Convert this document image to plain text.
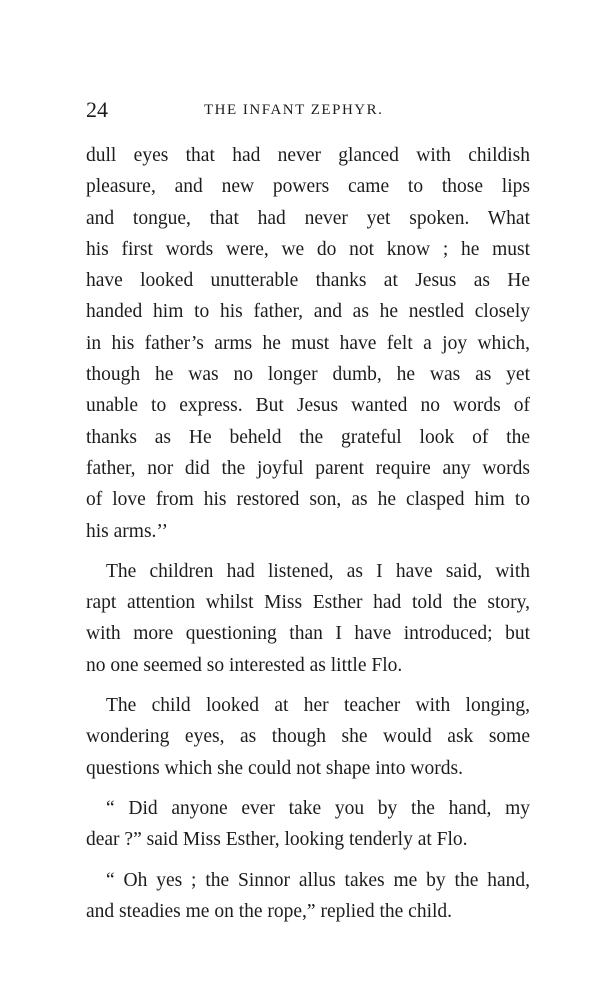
24	THE INFANT ZEPHYR.
dull eyes that had never glanced with childish
pleasure, and new powers came to those lips
and tongue, that had never yet spoken. What
his first words were, we do not know ; he must
have looked unutterable thanks at Jesus as He
handed him to his father, and as he nestled closely
in his father’s arms he must have felt a joy which,
though he was no longer dumb, he was as yet
unable to express. But Jesus wanted no words of
thanks as He beheld the grateful look of the
father, nor did the joyful parent require any words
of love from his restored son, as he clasped him to
his arms.’’
The children had listened, as I have said, with
rapt attention whilst Miss Esther had told the story,
with more questioning than I have introduced; but
no one seemed so interested as little Flo.
The child looked at her teacher with longing,
wondering eyes, as though she would ask some
questions which she could not shape into words.
“ Did anyone ever take you by the hand, my
dear ?” said Miss Esther, looking tenderly at Flo.
“ Oh yes ; the Sinnor allus takes me by the hand,
and steadies me on the rope,” replied the child.
